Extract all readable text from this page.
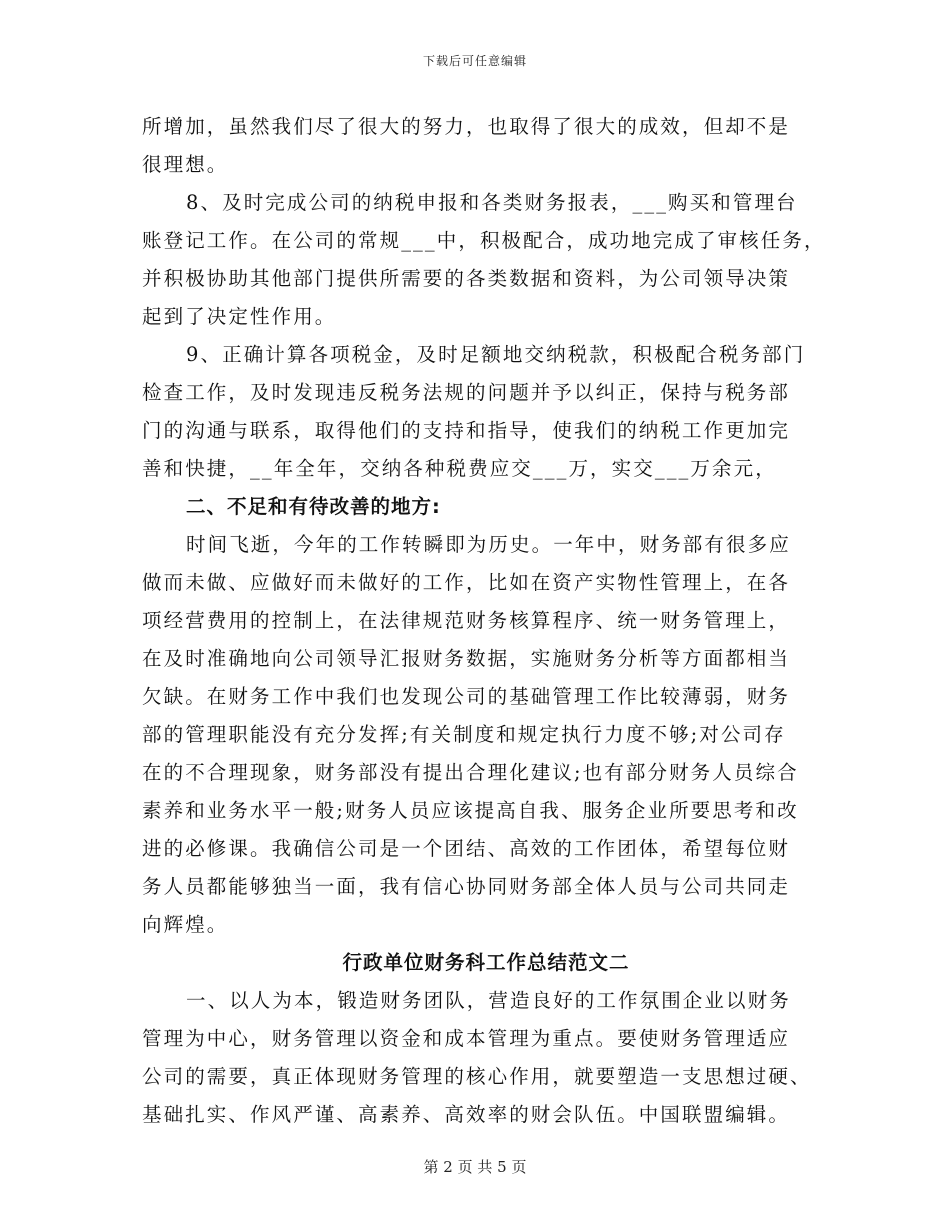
下载后可任意编辑
所增加，虽然我们尽了很大的努力，也取得了很大的成效，但却不是
很理想。
8、及时完成公司的纳税申报和各类财务报表，___购买和管理台
账登记工作。在公司的常规___中，积极配合，成功地完成了审核任务，
并积极协助其他部门提供所需要的各类数据和资料，为公司领导决策
起到了决定性作用。
9、正确计算各项税金，及时足额地交纳税款，积极配合税务部门
检查工作，及时发现违反税务法规的问题并予以纠正，保持与税务部
门的沟通与联系，取得他们的支持和指导，使我们的纳税工作更加完
善和快捷，__年全年，交纳各种税费应交___万，实交___万余元，
二、不足和有待改善的地方:
时间飞逝，今年的工作转瞬即为历史。一年中，财务部有很多应
做而未做、应做好而未做好的工作，比如在资产实物性管理上，在各
项经营费用的控制上，在法律规范财务核算程序、统一财务管理上，
在及时准确地向公司领导汇报财务数据，实施财务分析等方面都相当
欠缺。在财务工作中我们也发现公司的基础管理工作比较薄弱，财务
部的管理职能没有充分发挥;有关制度和规定执行力度不够;对公司存
在的不合理现象，财务部没有提出合理化建议;也有部分财务人员综合
素养和业务水平一般;财务人员应该提高自我、服务企业所要思考和改
进的必修课。我确信公司是一个团结、高效的工作团体，希望每位财
务人员都能够独当一面，我有信心协同财务部全体人员与公司共同走
向辉煌。
行政单位财务科工作总结范文二
一、以人为本，锻造财务团队，营造良好的工作氛围企业以财务
管理为中心，财务管理以资金和成本管理为重点。要使财务管理适应
公司的需要，真正体现财务管理的核心作用，就要塑造一支思想过硬、
基础扎实、作风严谨、高素养、高效率的财会队伍。中国联盟编辑。
第 2 页 共 5 页
